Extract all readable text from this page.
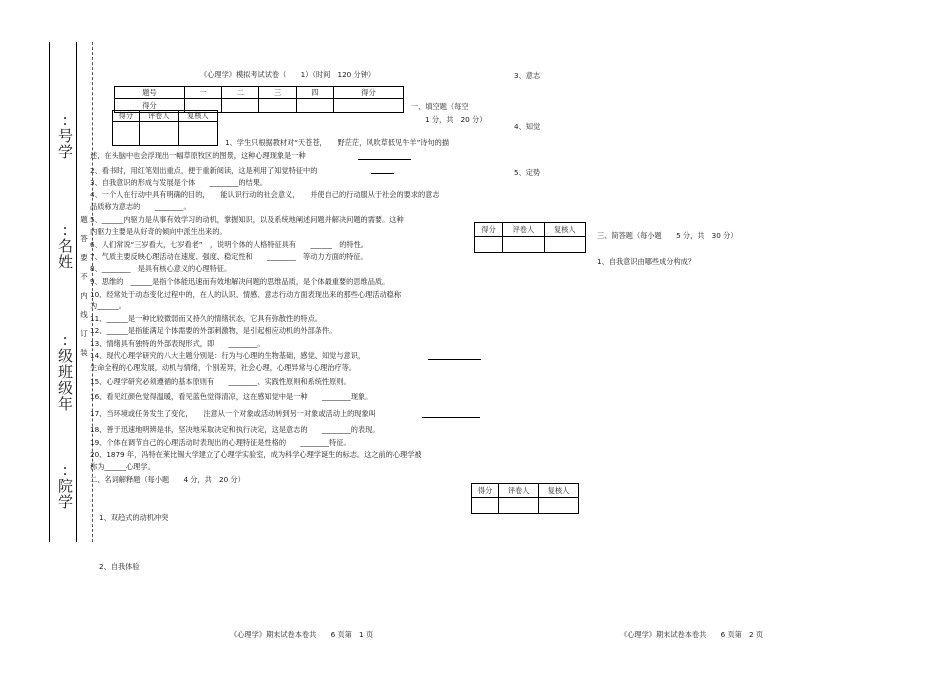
:号学
:名姓
:级班级年
:院学
题
答
要
不
内
线
订
装
《心理学》模拟考试试卷（　　1）（时间　120 分钟）
题号	一	二	三	四	得分
得分					
得分	评卷人	复核人

一、填空题（每空
1 分，共　20 分）
1、学生只根据教材对“天苍苍，　　野茫茫，风吹草低见牛羊”诗句的描
述，在头脑中也会浮现出一幅草原牧区的图景，这种心理现象是一种
2、看书时，用红笔划出重点，便于重新阅读，这是利用了知觉特征中的
3、自我意识的形成与发展是个体　　________的结果。
4、一个人在行动中具有明确的目的，　　能认识行动的社会意义，　　并使自己的行动服从于社会的要求的意志
品质称为意志的　　________。
5、______内驱力是从事有效学习的动机，掌握知识，以及系统地阐述问题并解决问题的需要。这种
内驱力主要是从好奇的倾向中派生出来的。
6、人们常说“三岁看大，七岁看老”　，说明个体的人格特征具有　　______　的特性。
7、气质主要反映心理活动在速度、强度、稳定性和　　________　等动力方面的特征。
8、________　是具有核心意义的心理特征。
9、思维的　______是指个体能迅速而有效地解决问题的思维品质，是个体最重要的思维品质。
10、经常处于动态变化过程中的，在人的认识、情感、意志行动方面表现出来的那些心理活动稳称
为______。
11、______是一种比较微弱而又持久的情绪状态，它具有弥散性的特点。
12、______是指能满足个体需要的外部刺激物，是引起相应动机的外部条件。
13、情绪具有独特的外部表现形式，即　　________。
14、现代心理学研究的八大主题分别是：行为与心理的生物基础，感觉、知觉与意识，
生命全程的心理发展，动机与情绪，个别差异，社会心理，心理异常与心理治疗等。
15、心理学研究必须遵循的基本原则有　　________、实践性原则和系统性原则。
16、看见红颜色觉得温暖，看见蓝色觉得清凉，这在感知觉中是一种　　________现象。
17、当环境或任务发生了变化，　　注意从一个对象或活动转到另一对象或活动上的现象叫
18、善于迅速地明辨是非，坚决地采取决定和执行决定，这是意志的　　________的表现。
19、个体在调节自己的心理活动时表现出的心理特征是性格的　　________特征。
20、1879 年，冯特在莱比锡大学建立了心理学实验室，成为科学心理学诞生的标志。这之前的心理学被
称为______心理学。
二、名词解释题（每小题　　4 分，共　20 分）
得分	评卷人	复核人

1、双趋式的动机冲突
2、自我体验
3、意志
4、知觉
5、定势
得分	评卷人	复核人

三、简答题（每小题　　5 分，共　30 分）
1、自我意识由哪些成分构成？
《心理学》期末试卷本卷共　　6 页第　1 页	《心理学》期末试卷本卷共　　6 页第　2 页
